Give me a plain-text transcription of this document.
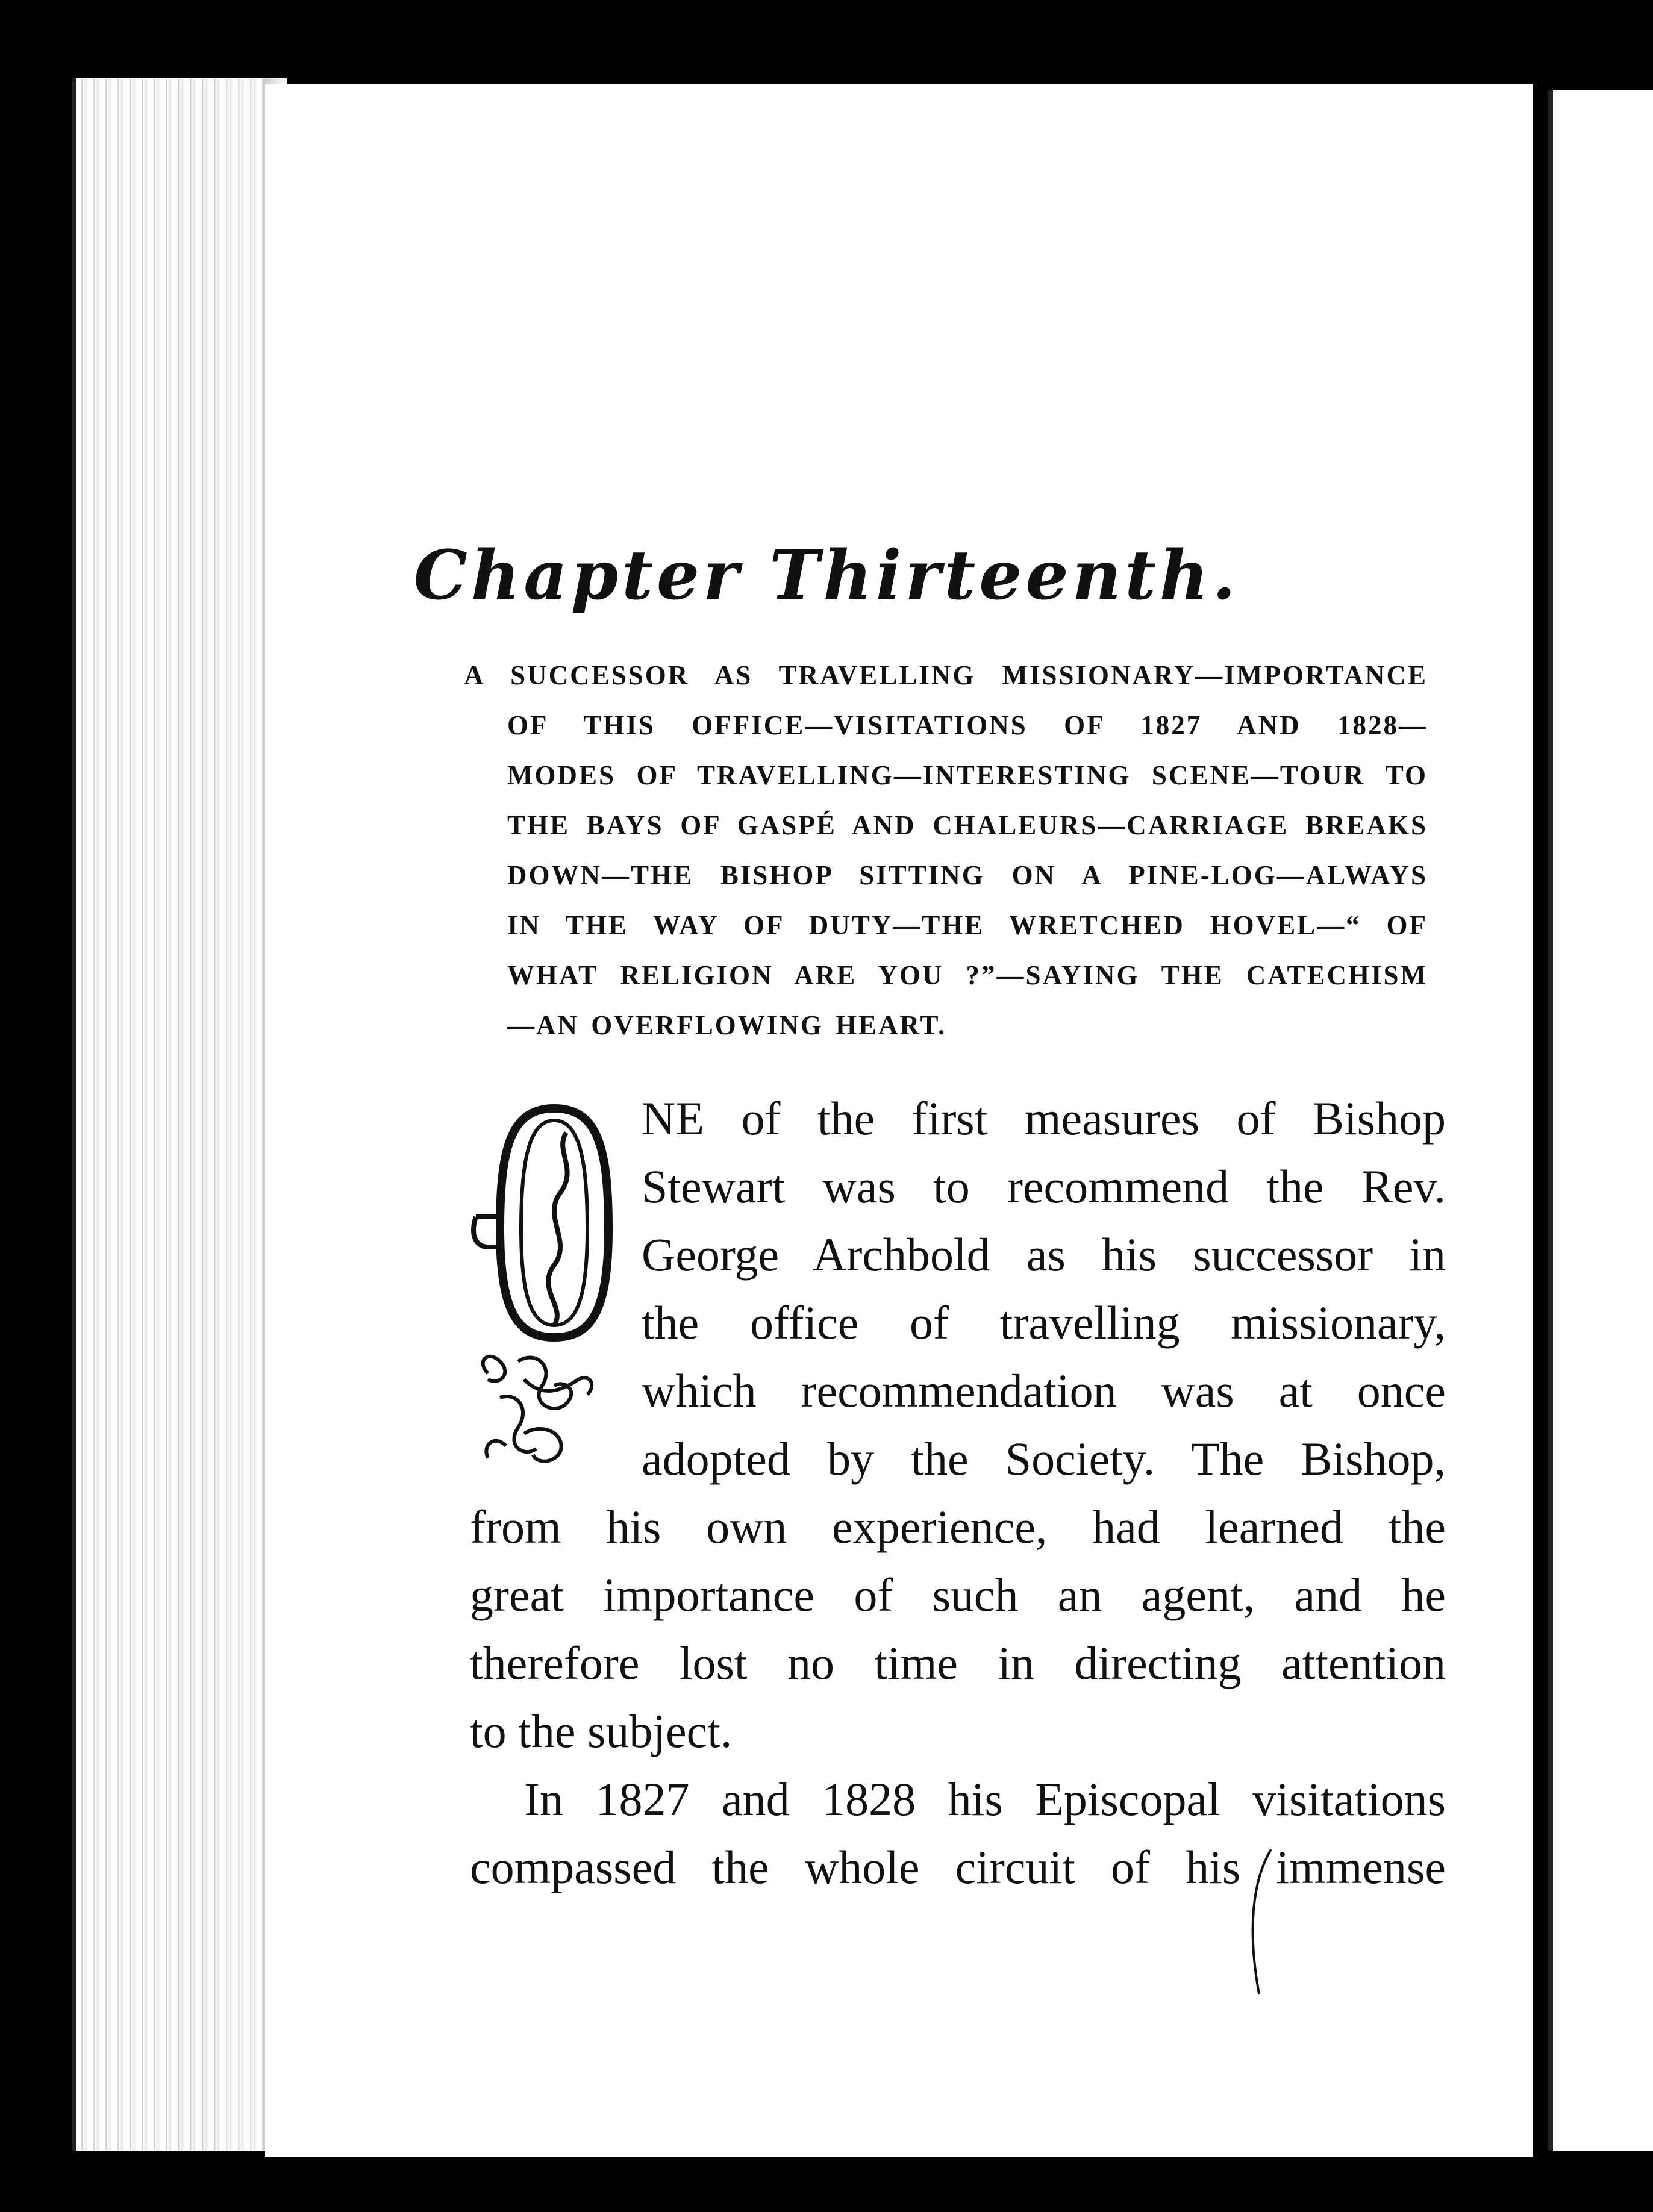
Chapter Thirteenth.
A SUCCESSOR AS TRAVELLING MISSIONARY—IMPORTANCE
OF THIS OFFICE—VISITATIONS OF 1827 AND 1828—
MODES OF TRAVELLING—INTERESTING SCENE—TOUR TO
THE BAYS OF GASPÉ AND CHALEURS—CARRIAGE BREAKS
DOWN—THE BISHOP SITTING ON A PINE-LOG—ALWAYS
IN THE WAY OF DUTY—THE WRETCHED HOVEL—“ OF
WHAT RELIGION ARE YOU ?”—SAYING THE CATECHISM
—AN OVERFLOWING HEART.
NE of the first measures of Bishop
Stewart was to recommend the Rev.
George Archbold as his successor in
the office of travelling missionary,
which recommendation was at once
adopted by the Society. The Bishop,
from his own experience, had learned the
great importance of such an agent, and he
therefore lost no time in directing attention
to the subject.
In 1827 and 1828 his Episcopal visitations
compassed the whole circuit of his immense
